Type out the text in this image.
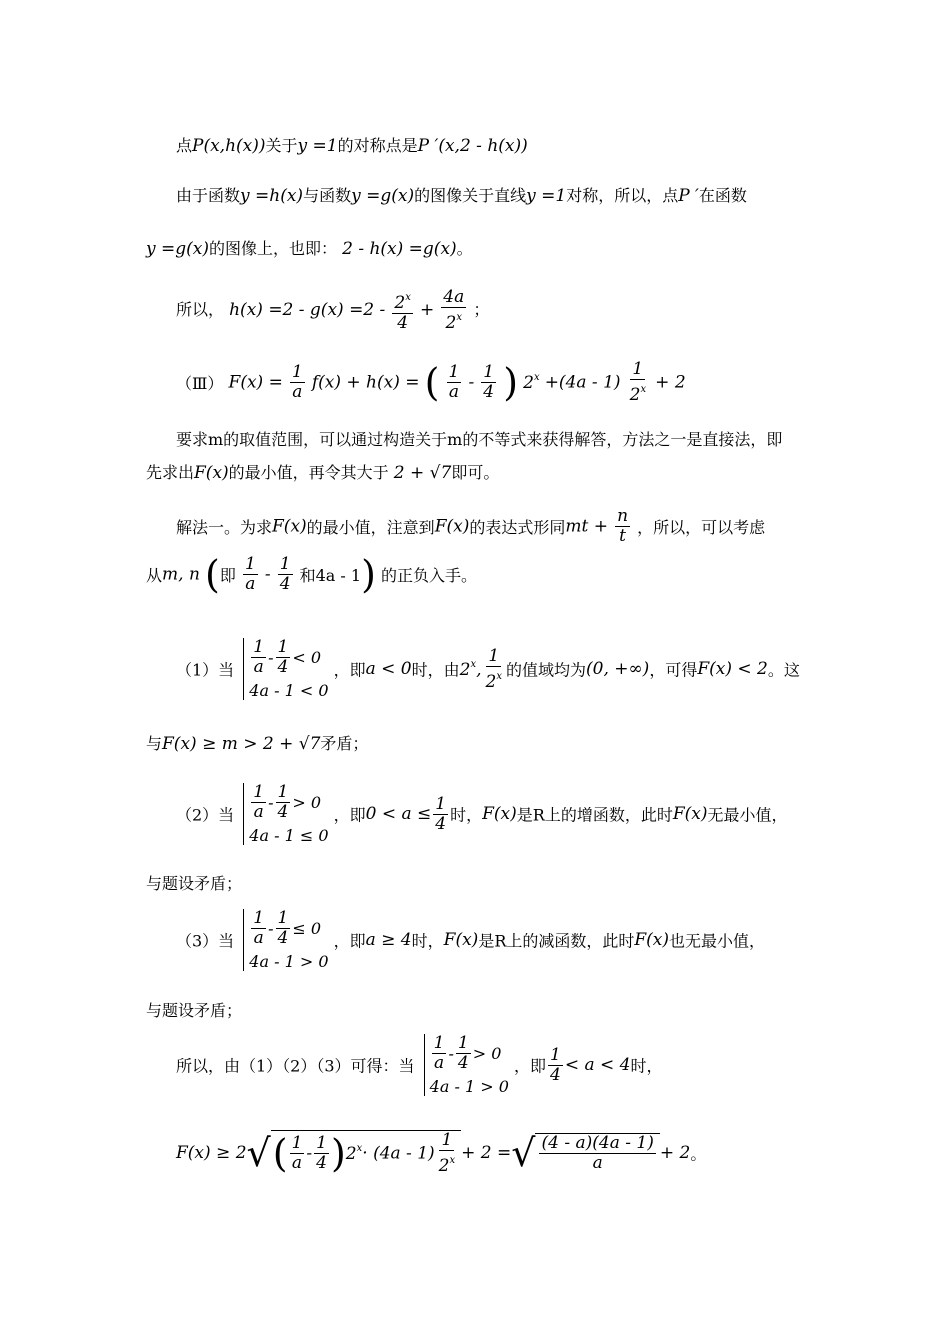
点P(x,h(x))关于y =1的对称点是P ′(x,2 - h(x))
由于函数y =h(x)与函数y =g(x)的图像关于直线y =1对称，所以，点P ′在函数
y =g(x)的图像上，也即： 2 - h(x) =g(x)。
所以， $h(x) =2 - g(x) =2 - \frac{2^x}{4} + \frac{4a}{2^x}$ ；
（Ⅲ） $F(x) = \frac{1}{a} f(x) + h(x)$ = ( $\frac{1}{a} - \frac{1}{4}$ ) $2^x +(4a - 1) \frac{1}{2^x} + 2$
要求m的取值范围，可以通过构造关于m的不等式来获得解答，方法之一是直接法，即
先求出F(x)的最小值，再令其大于 2 + √7即可。
解法一。为求F(x)的最小值，注意到F(x)的表达式形同mt + $\frac{n}{t}$ ，所以，可以考虑
从m, n (即 $\frac{1}{a} - \frac{1}{4}$ 和4a - 1) 的正负入手。
（1）当 $\frac{1}{a} - \frac{1}{4} < 0$
4a - 1 < 0
，即a < 0时，由2$^x$, $\frac{1}{2^x}$ 的值域均为(0, +∞)，可得F(x) < 2。这
与F(x) ≥ m > 2 + √7矛盾；
（2）当 $\frac{1}{a} - \frac{1}{4} > 0$
4a - 1 ≤ 0
，即$0 < a \le \frac{1}{4}$ 时，F(x)是R上的增函数，此时F(x)无最小值，
与题设矛盾；
（3）当 $\frac{1}{a} - \frac{1}{4} \le 0$
4a - 1 > 0
，即a ≥ 4时，F(x)是R上的减函数，此时F(x)也无最小值，
与题设矛盾；
所以，由（1）（2）（3）可得：当 $\frac{1}{a} - \frac{1}{4} > 0$
4a - 1 > 0
，即 $\frac{1}{4} < a < 4$时，
$F(x) \ge 2√( \frac{1}{a} - \frac{1}{4} )2^x\cdot (4a - 1) \frac{1}{2^x} + 2$ =√ $\frac{(4 - a)(4a - 1)}{a} + 2$。
